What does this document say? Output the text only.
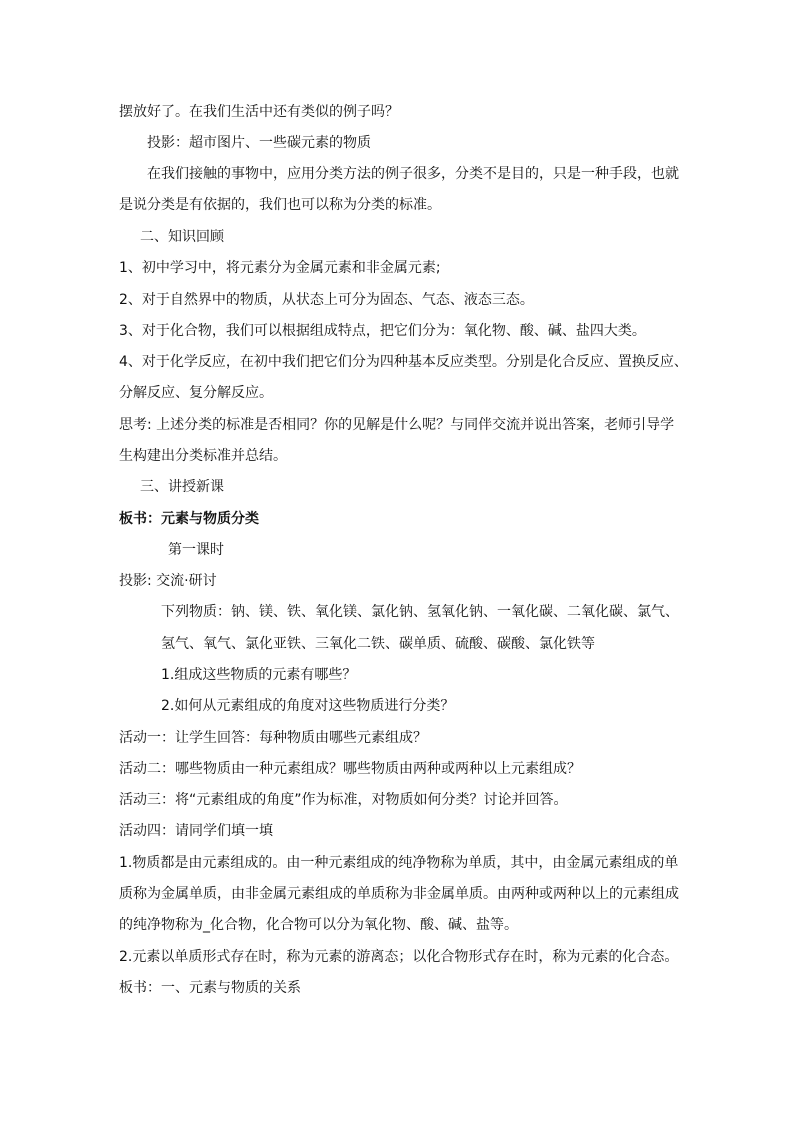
摆放好了。在我们生活中还有类似的例子吗？
投影：超市图片、一些碳元素的物质
在我们接触的事物中，应用分类方法的例子很多，分类不是目的，只是一种手段，也就
是说分类是有依据的，我们也可以称为分类的标准。
二、知识回顾
1、初中学习中，将元素分为金属元素和非金属元素;
2、对于自然界中的物质，从状态上可分为固态、气态、液态三态。
3、对于化合物，我们可以根据组成特点，把它们分为：氧化物、酸、碱、盐四大类。
4、对于化学反应，在初中我们把它们分为四种基本反应类型。分别是化合反应、置换反应、
分解反应、复分解反应。
思考: 上述分类的标准是否相同？你的见解是什么呢？与同伴交流并说出答案，老师引导学
生构建出分类标准并总结。
三、讲授新课
板书：元素与物质分类
第一课时
投影: 交流·研讨
下列物质：钠、镁、铁、氧化镁、氯化钠、氢氧化钠、一氧化碳、二氧化碳、氯气、
氢气、氧气、氯化亚铁、三氧化二铁、碳单质、硫酸、碳酸、氯化铁等
1.组成这些物质的元素有哪些？
2.如何从元素组成的角度对这些物质进行分类？
活动一：让学生回答：每种物质由哪些元素组成？
活动二：哪些物质由一种元素组成？哪些物质由两种或两种以上元素组成？
活动三：将“元素组成的角度”作为标准，对物质如何分类？讨论并回答。
活动四：请同学们填一填
1.物质都是由元素组成的。由一种元素组成的纯净物称为单质，其中，由金属元素组成的单
质称为金属单质，由非金属元素组成的单质称为非金属单质。由两种或两种以上的元素组成
的纯净物称为_化合物，化合物可以分为氧化物、酸、碱、盐等。
2.元素以单质形式存在时，称为元素的游离态；以化合物形式存在时，称为元素的化合态。
板书：一、元素与物质的关系
